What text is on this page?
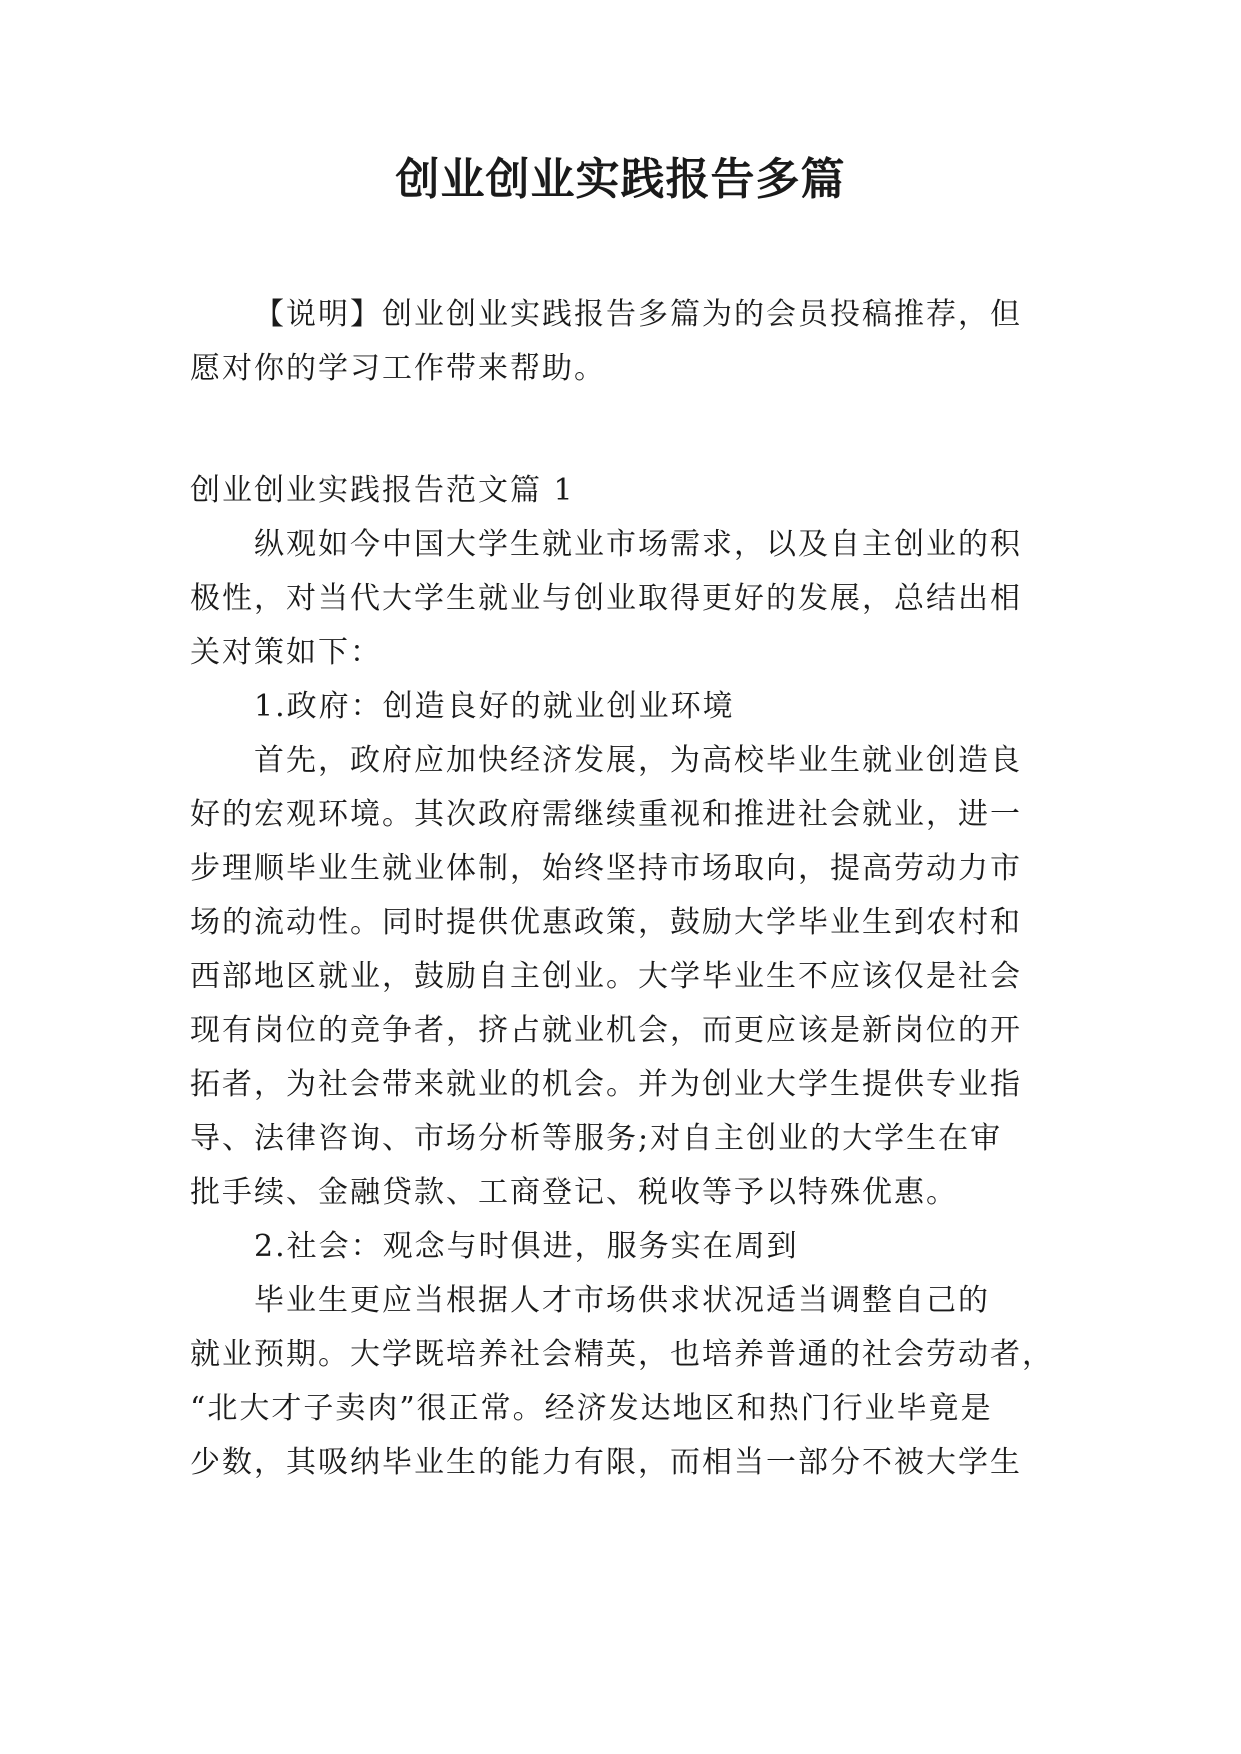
创业创业实践报告多篇
【说明】创业创业实践报告多篇为的会员投稿推荐，但
愿对你的学习工作带来帮助。
创业创业实践报告范文篇 1
纵观如今中国大学生就业市场需求，以及自主创业的积
极性，对当代大学生就业与创业取得更好的发展，总结出相
关对策如下：
1.政府：创造良好的就业创业环境
首先，政府应加快经济发展，为高校毕业生就业创造良
好的宏观环境。其次政府需继续重视和推进社会就业，进一
步理顺毕业生就业体制，始终坚持市场取向，提高劳动力市
场的流动性。同时提供优惠政策，鼓励大学毕业生到农村和
西部地区就业，鼓励自主创业。大学毕业生不应该仅是社会
现有岗位的竞争者，挤占就业机会，而更应该是新岗位的开
拓者，为社会带来就业的机会。并为创业大学生提供专业指
导、法律咨询、市场分析等服务;对自主创业的大学生在审
批手续、金融贷款、工商登记、税收等予以特殊优惠。
2.社会：观念与时俱进，服务实在周到
毕业生更应当根据人才市场供求状况适当调整自己的
就业预期。大学既培养社会精英，也培养普通的社会劳动者，
“北大才子卖肉”很正常。经济发达地区和热门行业毕竟是
少数，其吸纳毕业生的能力有限，而相当一部分不被大学生
